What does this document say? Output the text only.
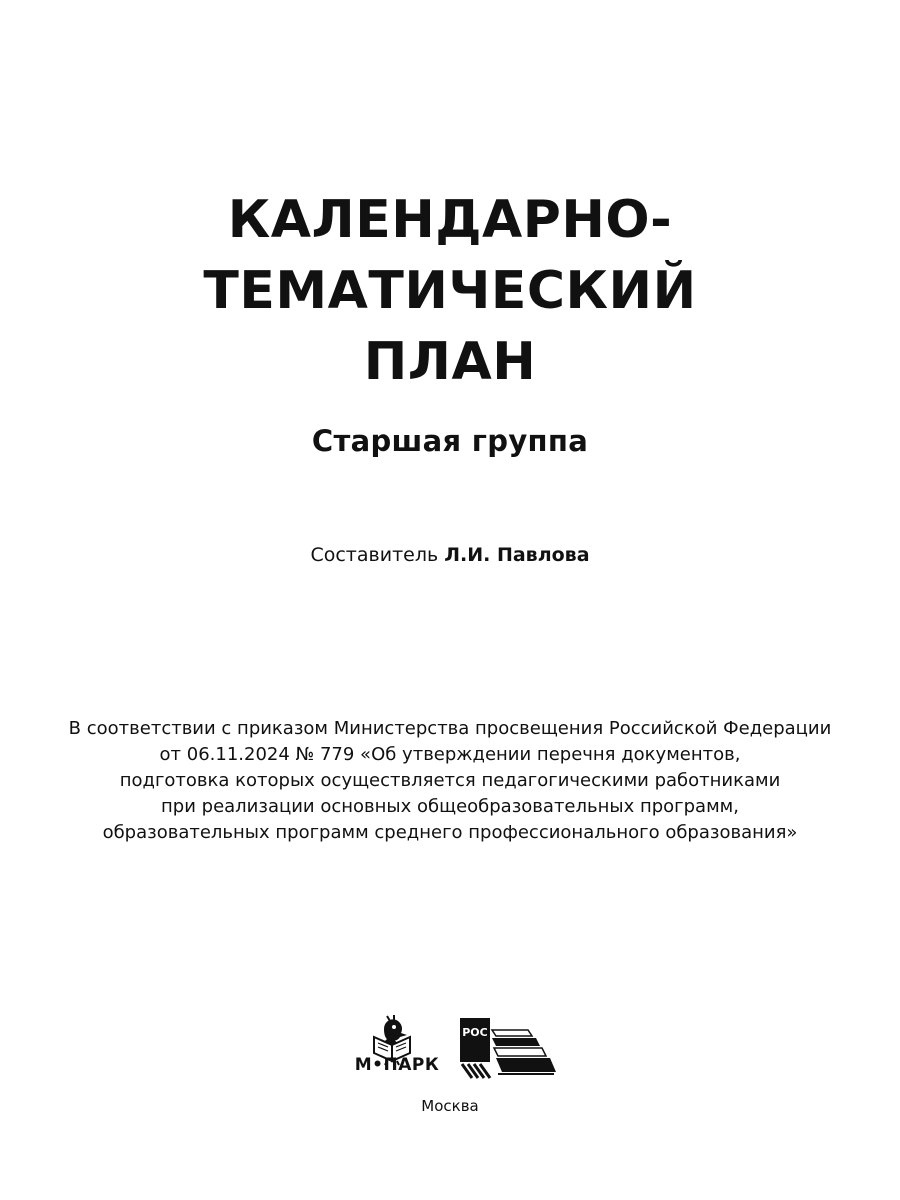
КАЛЕНДАРНО-
ТЕМАТИЧЕСКИЙ
ПЛАН
Старшая группа
Составитель Л.И. Павлова
В соответствии с приказом Министерства просвещения Российской Федерации
от 06.11.2024 № 779 «Об утверждении перечня документов,
подготовка которых осуществляется педагогическими работниками
при реализации основных общеобразовательных программ,
образовательных программ среднего профессионального образования»
М•ПАРК
РОС
Москва
